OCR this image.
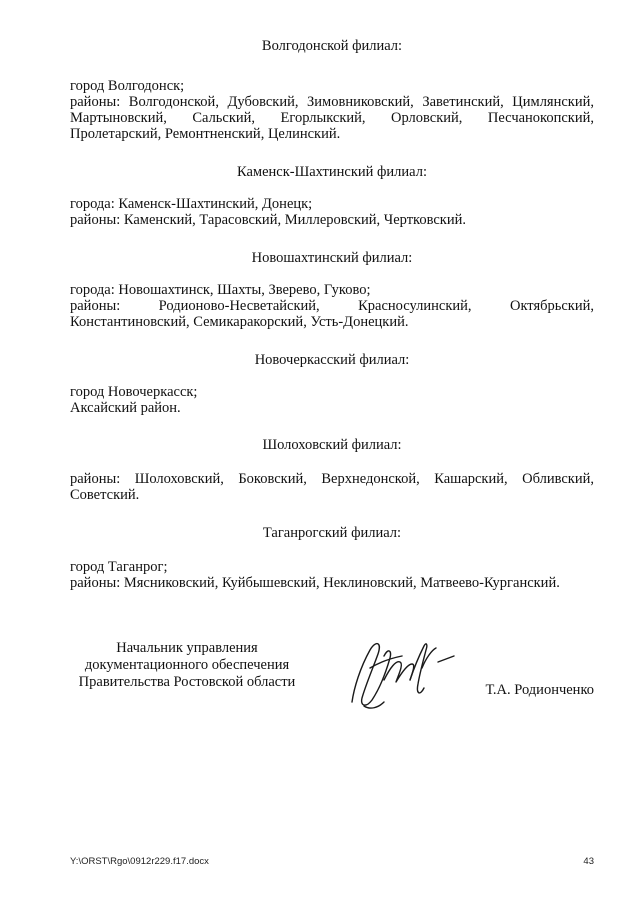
Волгодонской филиал:
город Волгодонск;
районы: Волгодонской, Дубовский, Зимовниковский, Заветинский, Цимлянский,
Мартыновский, Сальский, Егорлыкский, Орловский, Песчанокопский,
Пролетарский, Ремонтненский, Целинский.
Каменск-Шахтинский филиал:
города: Каменск-Шахтинский, Донецк;
районы: Каменский, Тарасовский, Миллеровский, Чертковский.
Новошахтинский филиал:
города: Новошахтинск, Шахты, Зверево, Гуково;
районы: Родионово-Несветайский, Красносулинский, Октябрьский,
Константиновский, Семикаракорский, Усть-Донецкий.
Новочеркасский филиал:
город Новочеркасск;
Аксайский район.
Шолоховский филиал:
районы: Шолоховский, Боковский, Верхнедонской, Кашарский, Обливский,
Советский.
Таганрогский филиал:
город Таганрог;
районы: Мясниковский, Куйбышевский, Неклиновский, Матвеево-Курганский.
Начальник управления
документационного обеспечения
Правительства Ростовской области	Т.А. Родионченко
Y:\ORST\Rgo\0912r229.f17.docx	43
